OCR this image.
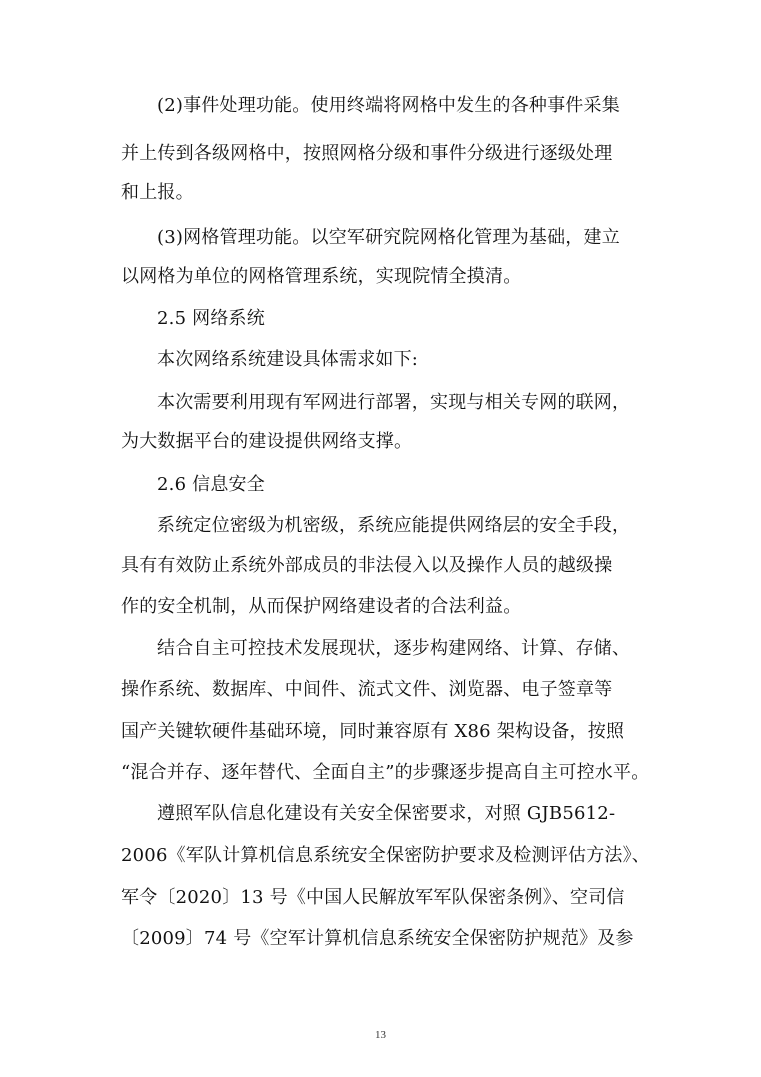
(2)事件处理功能。使用终端将网格中发生的各种事件采集
并上传到各级网格中，按照网格分级和事件分级进行逐级处理
和上报。
(3)网格管理功能。以空军研究院网格化管理为基础，建立
以网格为单位的网格管理系统，实现院情全摸清。
2.5 网络系统
本次网络系统建设具体需求如下:
本次需要利用现有军网进行部署，实现与相关专网的联网，
为大数据平台的建设提供网络支撑。
2.6 信息安全
系统定位密级为机密级，系统应能提供网络层的安全手段，
具有有效防止系统外部成员的非法侵入以及操作人员的越级操
作的安全机制，从而保护网络建设者的合法利益。
结合自主可控技术发展现状，逐步构建网络、计算、存储、
操作系统、数据库、中间件、流式文件、浏览器、电子签章等
国产关键软硬件基础环境，同时兼容原有 X86 架构设备，按照
“混合并存、逐年替代、全面自主”的步骤逐步提高自主可控水平。
遵照军队信息化建设有关安全保密要求，对照 GJB5612-
2006《军队计算机信息系统安全保密防护要求及检测评估方法》、
军令〔2020〕13 号《中国人民解放军军队保密条例》、空司信
〔2009〕74 号《空军计算机信息系统安全保密防护规范》及参
13
